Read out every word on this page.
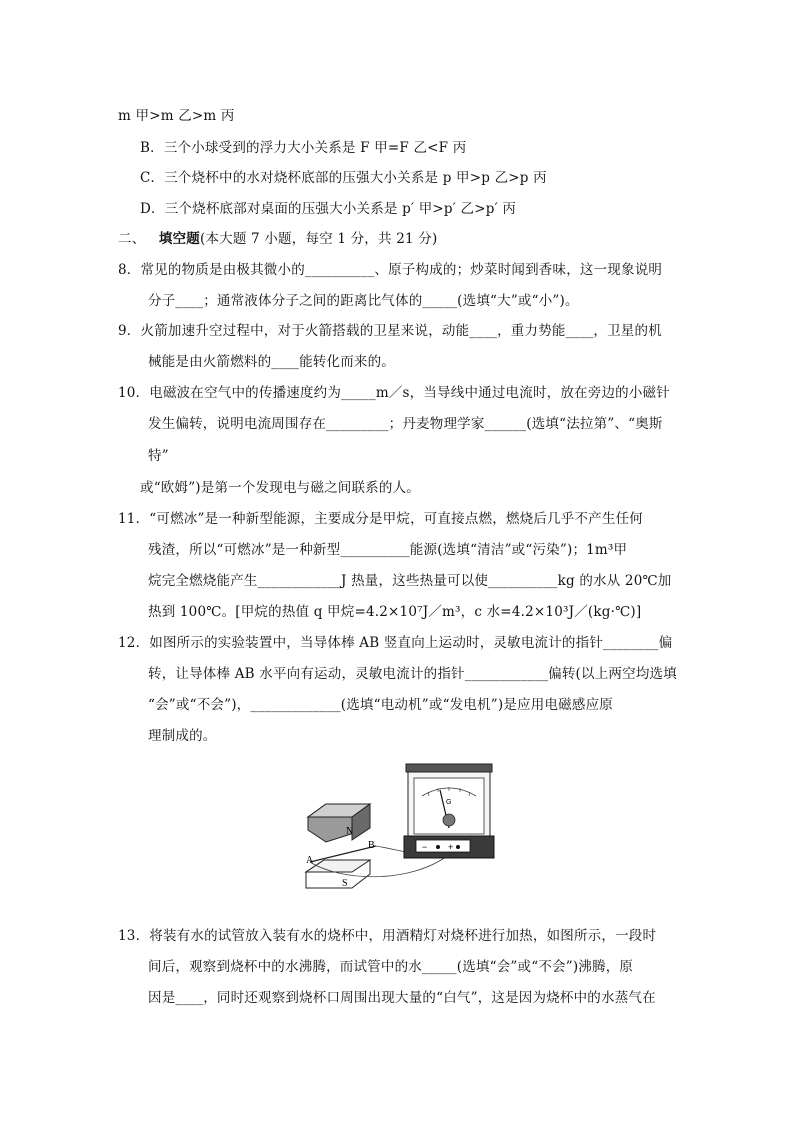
m 甲>m 乙>m 丙
B．三个小球受到的浮力大小关系是 F 甲=F 乙<F 丙
C．三个烧杯中的水对烧杯底部的压强大小关系是 p 甲>p 乙>p 丙
D．三个烧杯底部对桌面的压强大小关系是 p′ 甲>p′ 乙>p′ 丙
二、 填空题(本大题 7 小题，每空 1 分，共 21 分)
8．常见的物质是由极其微小的__________、原子构成的；炒菜时闻到香味，这一现象说明
分子____；通常液体分子之间的距离比气体的_____(选填“大”或“小”)。
9．火箭加速升空过程中，对于火箭搭载的卫星来说，动能____，重力势能____，卫星的机
械能是由火箭燃料的____能转化而来的。
10．电磁波在空气中的传播速度约为_____m／s，当导线中通过电流时，放在旁边的小磁针
发生偏转，说明电流周围存在_________；丹麦物理学家______(选填“法拉第”、“奥斯
特”
或“欧姆”)是第一个发现电与磁之间联系的人。
11．“可燃冰”是一种新型能源，主要成分是甲烷，可直接点燃，燃烧后几乎不产生任何
残渣，所以“可燃冰”是一种新型__________能源(选填“清洁”或“污染”)；1m³甲
烷完全燃烧能产生____________J 热量，这些热量可以使__________kg 的水从 20℃加
热到 100℃。[甲烷的热值 q 甲烷=4.2×10⁷J／m³，c 水=4.2×10³J／(kg·℃)]
12．如图所示的实验装置中，当导体棒 AB 竖直向上运动时，灵敏电流计的指针________偏
转，让导体棒 AB 水平向有运动，灵敏电流计的指针____________偏转(以上两空均选填
“会”或“不会”)，_____________(选填“电动机”或“发电机”)是应用电磁感应原
理制成的。
N
S
A
B
G
− +
13．将装有水的试管放入装有水的烧杯中，用酒精灯对烧杯进行加热，如图所示，一段时
间后，观察到烧杯中的水沸腾，而试管中的水_____(选填“会”或“不会”)沸腾，原
因是____，同时还观察到烧杯口周围出现大量的“白气”，这是因为烧杯中的水蒸气在
